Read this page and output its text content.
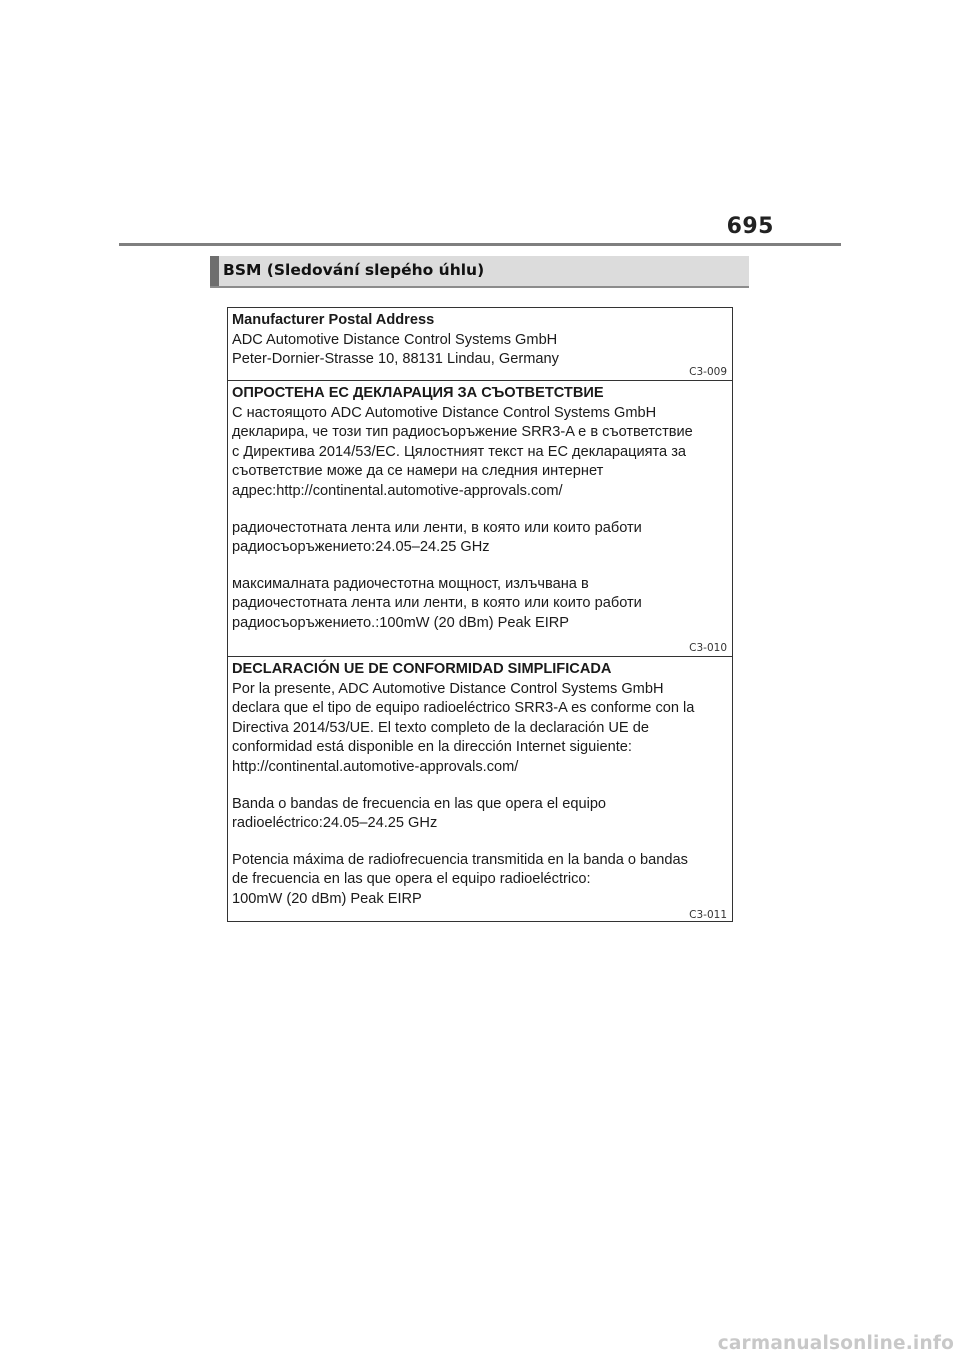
695
BSM (Sledování slepého úhlu)

Manufacturer Postal Address

ADC Automotive Distance Control Systems GmbH

Peter-Dornier-Strasse 10, 88131 Lindau, Germany

C3-009

ОПРОСТЕНА ЕС ДЕКЛАРАЦИЯ ЗА СЪОТВЕТСТВИЕ

С настоящото ADC Automotive Distance Control Systems GmbH

декларира, че този тип радиосъоръжение SRR3-A е в съответствие

с Директива 2014/53/ЕС. Цялостният текст на ЕС декларацията за

съответствие може да се намери на следния интернет

адрес:http://continental.automotive-approvals.com/

радиочестотната лента или ленти, в която или които работи

радиосъоръжението:24.05–24.25 GHz

максималната радиочестотна мощност, излъчвана в

радиочестотната лента или ленти, в която или които работи

радиосъоръжението.:100mW (20 dBm) Peak EIRP

C3-010

DECLARACIÓN UE DE CONFORMIDAD SIMPLIFICADA

Por la presente, ADC Automotive Distance Control Systems GmbH

declara que el tipo de equipo radioeléctrico SRR3-A es conforme con la

Directiva 2014/53/UE. El texto completo de la declaración UE de

conformidad está disponible en la dirección Internet siguiente:

http://continental.automotive-approvals.com/

Banda o bandas de frecuencia en las que opera el equipo

radioeléctrico:24.05–24.25 GHz

Potencia máxima de radiofrecuencia transmitida en la banda o bandas

de frecuencia en las que opera el equipo radioeléctrico:

100mW (20 dBm) Peak EIRP

C3-011
carmanualsonline.info
